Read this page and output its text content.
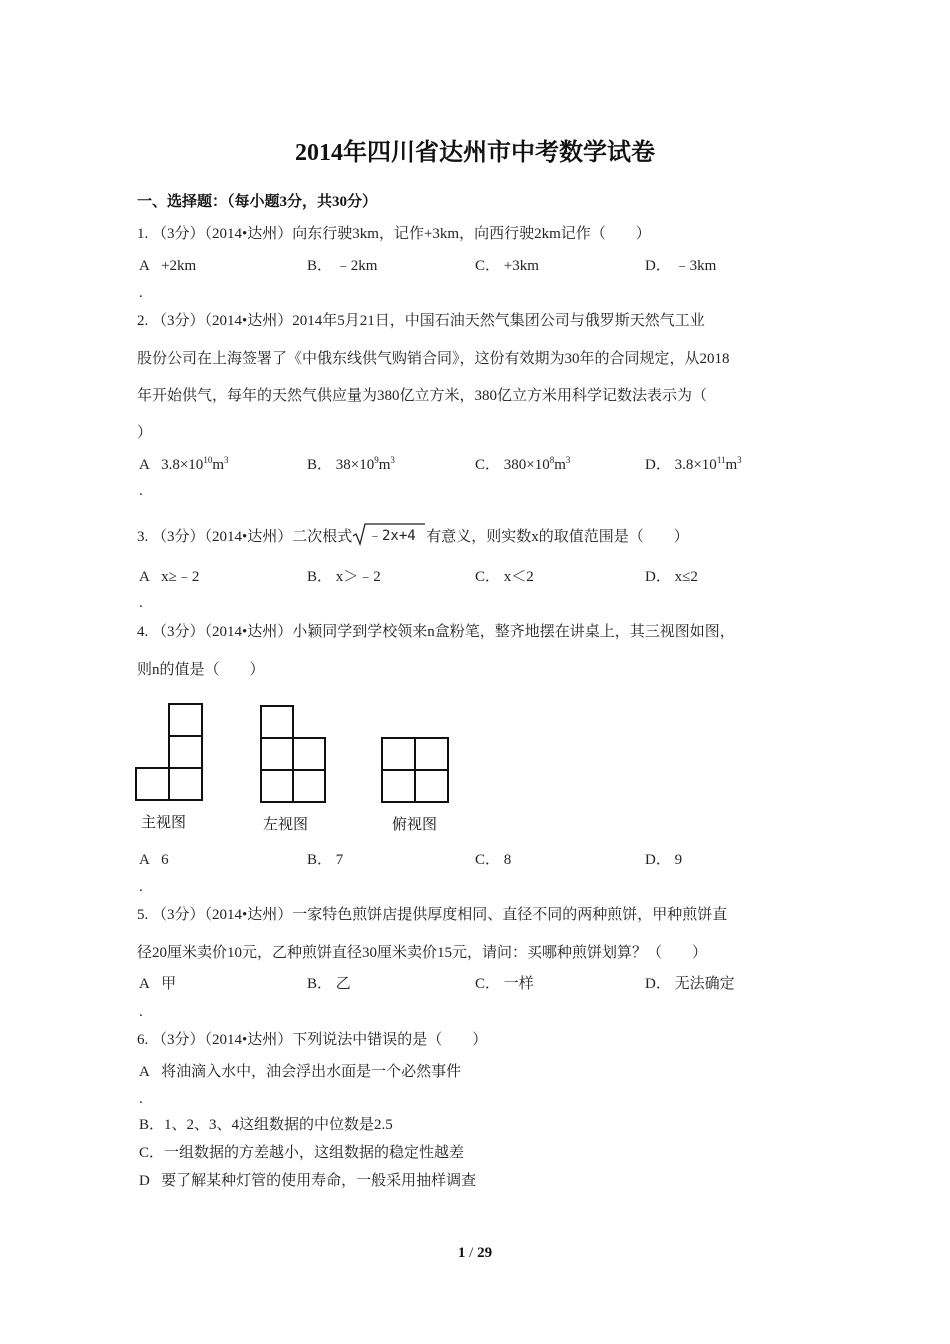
2014年四川省达州市中考数学试卷
一、选择题：（每小题3分，共30分）
1. （3分）（2014•达州）向东行驶3km，记作+3km，向西行驶2km记作（　　）
A +2km	B． ﹣2km	C． +3km	D． ﹣3km
.
2. （3分）（2014•达州）2014年5月21日，中国石油天然气集团公司与俄罗斯天然气工业
股份公司在上海签署了《中俄东线供气购销合同》，这份有效期为30年的合同规定，从2018
年开始供气，每年的天然气供应量为380亿立方米，380亿立方米用科学记数法表示为（
）
A $3.8\times 10^{10}m^3$	B． $38\times 10^9m^3$	C． $380\times 10^8m^3$	D． $3.8\times 10^{11}m^3$
.
3. （3分）（2014•达州）二次根式 ﹣2x+4 有意义，则实数x的取值范围是（　　）
A x≥﹣2	B． x＞﹣2	C． x＜2	D． x≤2
.
4. （3分）（2014•达州）小颖同学到学校领来n盒粉笔，整齐地摆在讲桌上，其三视图如图，
则n的值是（　　）
主视图	左视图	俯视图
A 6	B． 7	C． 8	D． 9
.
5. （3分）（2014•达州）一家特色煎饼店提供厚度相同、直径不同的两种煎饼，甲种煎饼直
径20厘米卖价10元，乙种煎饼直径30厘米卖价15元，请问：买哪种煎饼划算？（　　）
A 甲	B． 乙	C． 一样	D． 无法确定
.
6. （3分）（2014•达州）下列说法中错误的是（　　）
A 将油滴入水中，油会浮出水面是一个必然事件
.
B．1、2、3、4这组数据的中位数是2.5
C．一组数据的方差越小，这组数据的稳定性越差
D 要了解某种灯管的使用寿命，一般采用抽样调查
1 / 29
